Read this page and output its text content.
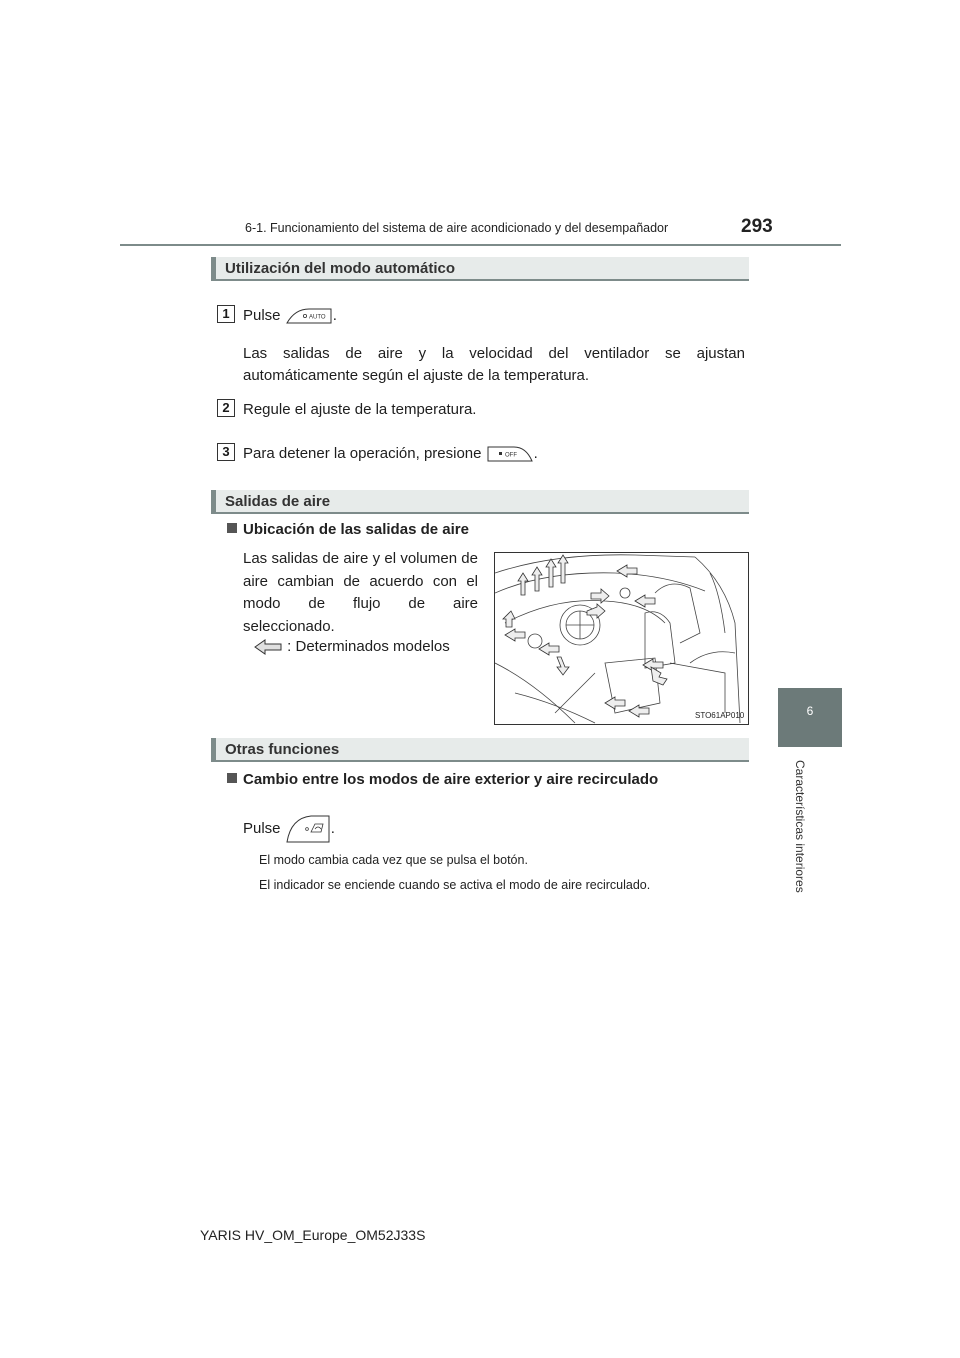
6-1. Funcionamiento del sistema de aire acondicionado y del desempañador	293
6
Características interiores
Utilización del modo automático
1 Pulse	AUTO .
Las salidas de aire y la velocidad del ventilador se ajustan automáticamente según el ajuste de la temperatura.
2 Regule el ajuste de la temperatura.
3 Para detener la operación, presione	OFF .
Salidas de aire
Ubicación de las salidas de aire
Las salidas de aire y el volumen de
aire cambian de acuerdo con el
modo de flujo de aire
seleccionado.
: Determinados modelos
STO61AP010
Otras funciones
Cambio entre los modos de aire exterior y aire recirculado
Pulse	.
El modo cambia cada vez que se pulsa el botón.
El indicador se enciende cuando se activa el modo de aire recirculado.
YARIS HV_OM_Europe_OM52J33S
